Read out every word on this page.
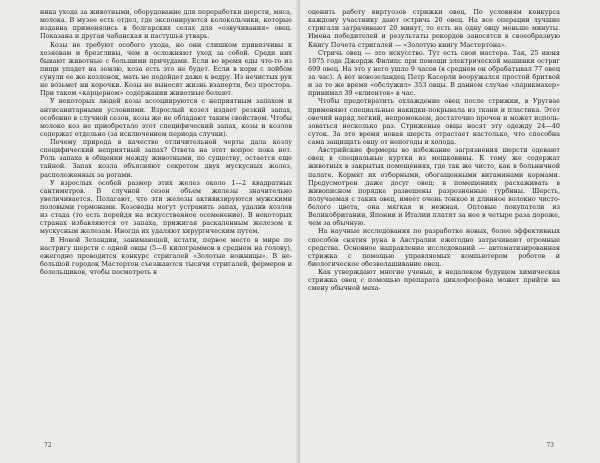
ника ухода за животными, оборудование для переработки шерсти, мяса, молока. В музее есть отдел, где экспонируются колокольчики, которые издавна применялись в болгарских селах для «озвучивания» овец. Показана и другая чабанская и пастушья утварь.

Козы не требуют особого ухода, но они слишком привязчивы к хозяевам и брезгливы, чем и осложняют уход за собой. Среди них бывают животные с большими причудами. Если во время еды что-то из пищи упадет на землю, коза есть это не будет. Если в корм с лойбом сунули ее же козленок, мать не подойдет даже к ведру. Из нечистых рук не возьмет ни корочки. Козы не выносят жизнь взаперти, без простора. При таком «карцерном» содержании животные болеют.

У некоторых людей козы ассоциируются с неприятным запахом и антисанитарными условиями. Взрослый козел издает резкий запах, особенно в случной сезон, козы же не обладают таким свойством. Чтобы молоко коз не приобретало этот специфический запах, козы и козлов содержат отдельно (за исключением периода случки).

Почему природа в качестве отличительной черты дала козлу специфический неприятный запах? Ответа на этот вопрос пока нет. Роль запаха в общении между животными, по существу, остается еще тайной. Запах козла объясняют секретом двух мускусных желез, расположенных за рогами.

У взрослых особей размер этих желез около 1—2 квадратных сантиметров. В случной сезон объем железы значительно увеличивается. Полагают, что эти железы активизируются мужскими половыми гормонами. Козоводы могут устранить запах, удалив козлов из стада (то есть перейдя на искусственное осеменение). В некоторых странах избавляются от запаха, прижигая раскаленным железом к мускусным железам. Иногда их удаляют хирургическим путем.

В Новой Зеландии, занимающей, кстати, первое место в мире по настригу шерсти с одной овцы (5—6 килограммов в среднем на голову), ежегодно проводится конкурс стригалей «Золотые ножницы». В небольшой городок Мастертон съезжаются тысячи стригалей, фермеров и болельщиков, чтобы посмотреть в

72

оценить работу виртуозов стрижки овец. По условиям конкурса каждому участнику дают остричь 20 овец. На все операции лучшие стригали затрачивают 20 минут, то есть на одну овцу меньше минуты. Имена победителей и результаты рекордов заносятся в своеобразную Книгу Почета стригалей — «Золотую книгу Мастертона».

Стричь овец — это искусство. Тут есть свои мастера. Так, 25 июня 1975 года Джордж Филипс при помощи электрической машинки остриг 699 овец. На это у него ушло 9 часов (в среднем он обрабатывал 77 овец за час). А вот новозеландец Петр Касерли вооружался простой бритвой и за то же время «обслужил» 353 овцы. В данном случае «парикмахер» принимал 39 «клиентов» в час.

Чтобы предотвратить охлаждение овец после стрижки, в Уругвае применяют специальные накидки-покрывала из ткани и пластика. Этот овечий наряд легкий, непромокаем, достаточно прочен и может использоваться несколько раз. Стриженые овцы носят эту одежду 24—40 суток. За это время новая шерсть отрастает настолько, что способна сама защищать овцу от непогоды и холода.

Австрийские фермеры во избежание загрязнения шерсти одевают овец в специальные куртки из мешковины. К тому же содержат животных в закрытых помещениях, где так же чисто, как в больничной палате. Кормят их отборными, обогащенными витаминами кормами. Предусмотрен даже досуг овец: в помещениях расхаживать в живописном порядке развешены разрозненные турбины. Шерсть, получаемая с таких овец, имеет очень тонкое и длинное волокно чисто-белого цвета, она мягкая и нежная. Оптовые покупатели из Великобритании, Японии и Италии платят за нее в четыре раза дороже, чем за обычную.

На научные исследования по разработке новых, более эффективных способов снятия руна в Австралии ежегодно затрачивают огромные средства. Основное направление исследований — автоматизированная стрижка с помощью управляемых компьютером роботов и биологическое обезволашивание овец.

Как утверждают многие ученые, в недалеком будущем химическая стрижка овец с помощью препарата циклофосфана может прийти на смену обычной меха-

73
